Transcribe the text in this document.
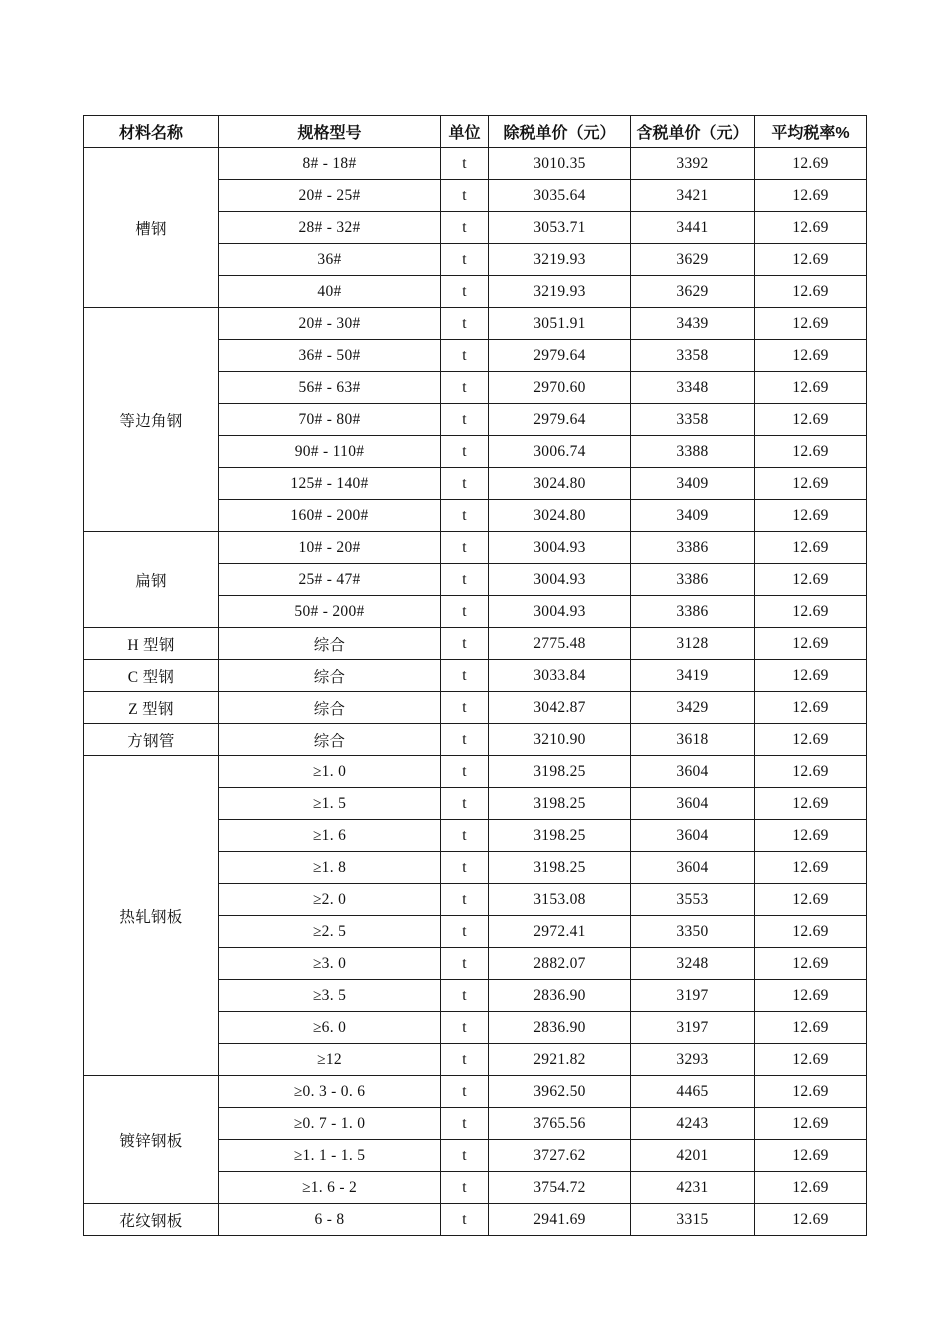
材料名称	规格型号	单位	除税单价（元）	含税单价（元）	平均税率%
槽钢	8# - 18#	t	3010.35	3392	12.69
	20# - 25#	t	3035.64	3421	12.69
	28# - 32#	t	3053.71	3441	12.69
	36#	t	3219.93	3629	12.69
	40#	t	3219.93	3629	12.69
等边角钢	20# - 30#	t	3051.91	3439	12.69
	36# - 50#	t	2979.64	3358	12.69
	56# - 63#	t	2970.60	3348	12.69
	70# - 80#	t	2979.64	3358	12.69
	90# - 110#	t	3006.74	3388	12.69
	125# - 140#	t	3024.80	3409	12.69
	160# - 200#	t	3024.80	3409	12.69
扁钢	10# - 20#	t	3004.93	3386	12.69
	25# - 47#	t	3004.93	3386	12.69
	50# - 200#	t	3004.93	3386	12.69
H 型钢	综合	t	2775.48	3128	12.69
C 型钢	综合	t	3033.84	3419	12.69
Z 型钢	综合	t	3042.87	3429	12.69
方钢管	综合	t	3210.90	3618	12.69
热轧钢板	≥1. 0	t	3198.25	3604	12.69
	≥1. 5	t	3198.25	3604	12.69
	≥1. 6	t	3198.25	3604	12.69
	≥1. 8	t	3198.25	3604	12.69
	≥2. 0	t	3153.08	3553	12.69
	≥2. 5	t	2972.41	3350	12.69
	≥3. 0	t	2882.07	3248	12.69
	≥3. 5	t	2836.90	3197	12.69
	≥6. 0	t	2836.90	3197	12.69
	≥12	t	2921.82	3293	12.69
镀锌钢板	≥0. 3 - 0. 6	t	3962.50	4465	12.69
	≥0. 7 - 1. 0	t	3765.56	4243	12.69
	≥1. 1 - 1. 5	t	3727.62	4201	12.69
	≥1. 6 - 2	t	3754.72	4231	12.69
花纹钢板	6 - 8	t	2941.69	3315	12.69
